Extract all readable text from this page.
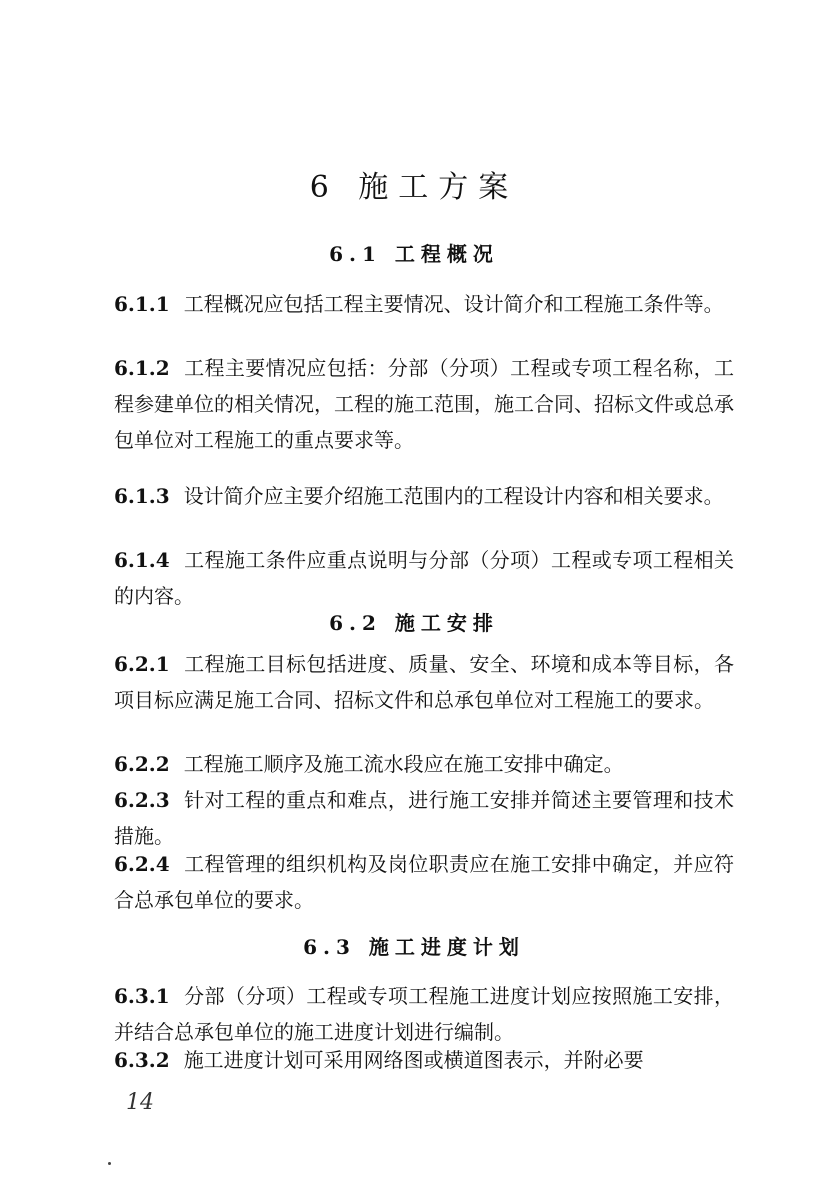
6 施工方案
6.1 工程概况
6.1.1 工程概况应包括工程主要情况、设计简介和工程施工条件等。
6.1.2 工程主要情况应包括：分部（分项）工程或专项工程名称，工程参建单位的相关情况，工程的施工范围，施工合同、招标文件或总承包单位对工程施工的重点要求等。
6.1.3 设计简介应主要介绍施工范围内的工程设计内容和相关要求。
6.1.4 工程施工条件应重点说明与分部（分项）工程或专项工程相关的内容。
6.2 施工安排
6.2.1 工程施工目标包括进度、质量、安全、环境和成本等目标，各项目标应满足施工合同、招标文件和总承包单位对工程施工的要求。
6.2.2 工程施工顺序及施工流水段应在施工安排中确定。
6.2.3 针对工程的重点和难点，进行施工安排并简述主要管理和技术措施。
6.2.4 工程管理的组织机构及岗位职责应在施工安排中确定，并应符合总承包单位的要求。
6.3 施工进度计划
6.3.1 分部（分项）工程或专项工程施工进度计划应按照施工安排，并结合总承包单位的施工进度计划进行编制。
6.3.2 施工进度计划可采用网络图或横道图表示，并附必要
14
